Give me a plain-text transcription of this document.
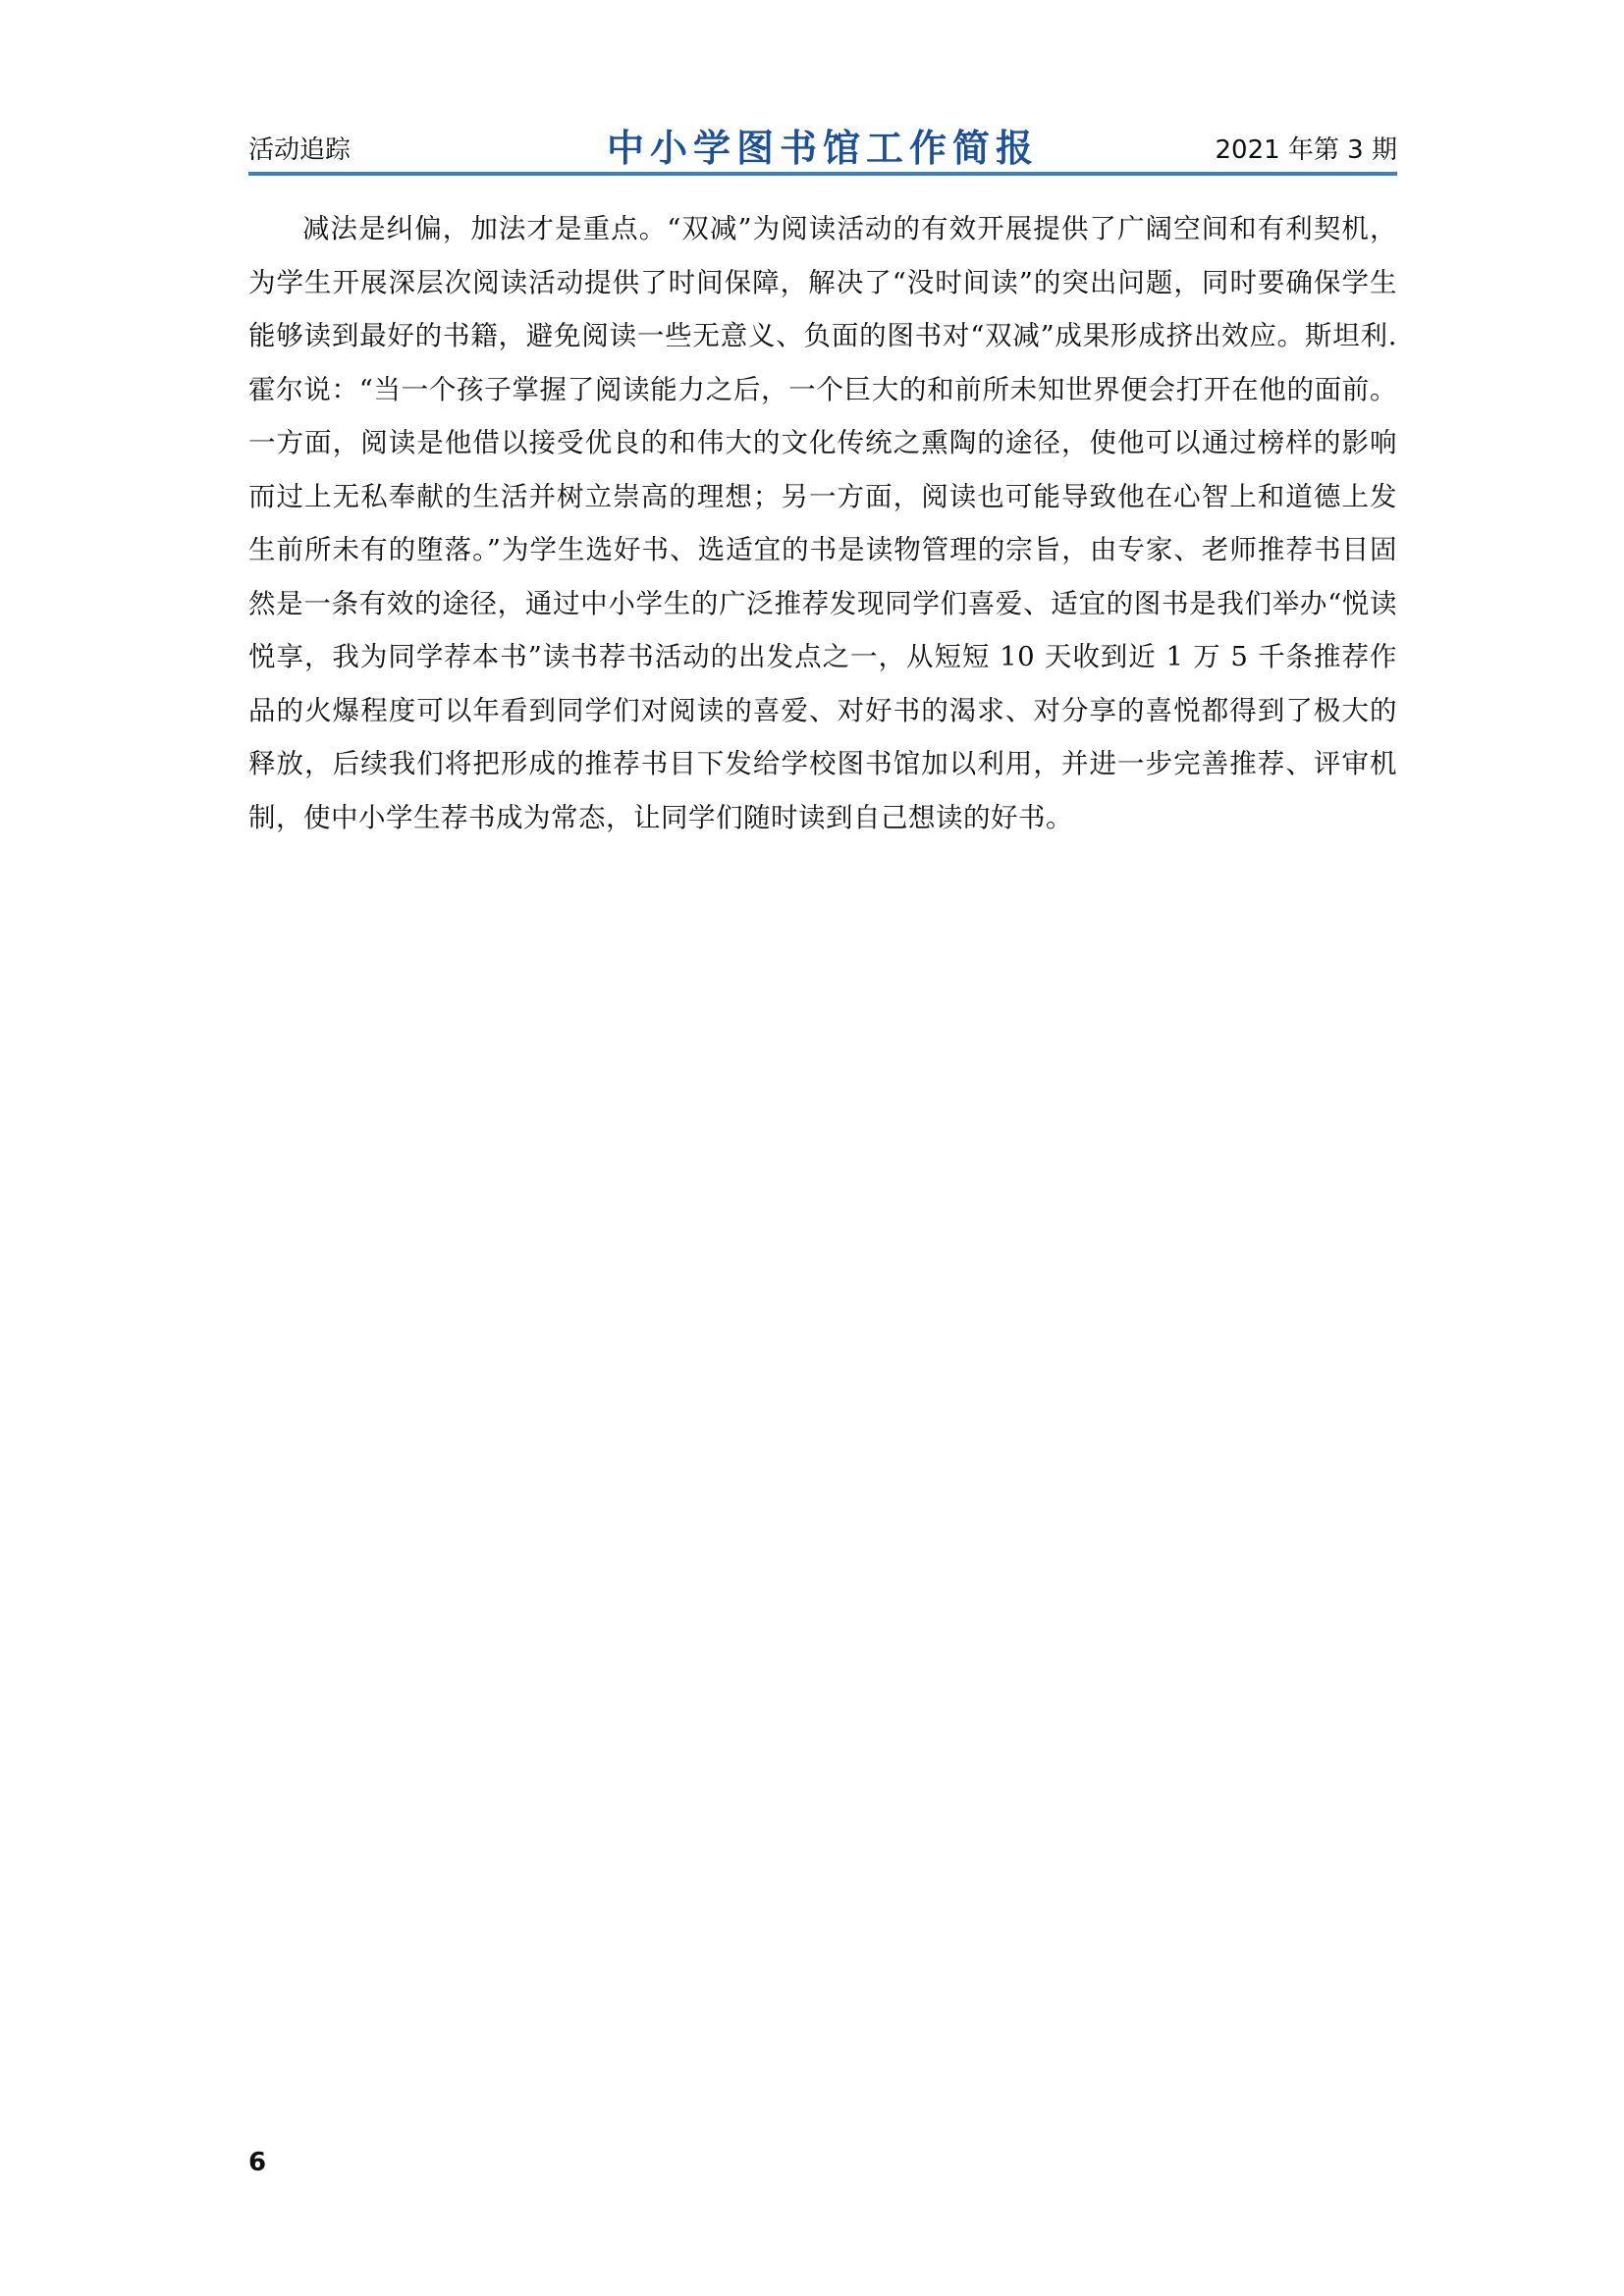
活动追踪	中小学图书馆工作简报	2021 年第 3 期

减法是纠偏，加法才是重点。“双减”为阅读活动的有效开展提供了广阔空间和有利契机，为学生开展深层次阅读活动提供了时间保障，解决了“没时间读”的突出问题，同时要确保学生能够读到最好的书籍，避免阅读一些无意义、负面的图书对“双减”成果形成挤出效应。斯坦利.霍尔说：“当一个孩子掌握了阅读能力之后，一个巨大的和前所未知世界便会打开在他的面前。一方面，阅读是他借以接受优良的和伟大的文化传统之熏陶的途径，使他可以通过榜样的影响而过上无私奉献的生活并树立崇高的理想；另一方面，阅读也可能导致他在心智上和道德上发生前所未有的堕落。”为学生选好书、选适宜的书是读物管理的宗旨，由专家、老师推荐书目固然是一条有效的途径，通过中小学生的广泛推荐发现同学们喜爱、适宜的图书是我们举办“悦读悦享，我为同学荐本书”读书荐书活动的出发点之一，从短短 10 天收到近 1 万 5 千条推荐作品的火爆程度可以年看到同学们对阅读的喜爱、对好书的渴求、对分享的喜悦都得到了极大的释放，后续我们将把形成的推荐书目下发给学校图书馆加以利用，并进一步完善推荐、评审机制，使中小学生荐书成为常态，让同学们随时读到自己想读的好书。

6
